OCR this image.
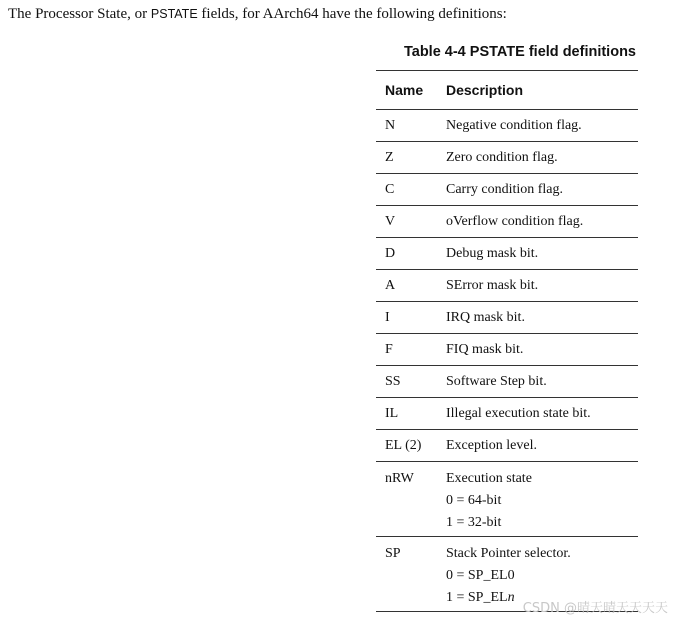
The Processor State, or PSTATE fields, for AArch64 have the following definitions:
Table 4-4 PSTATE field definitions
Name	Description
N	Negative condition flag.
Z	Zero condition flag.
C	Carry condition flag.
V	oVerflow condition flag.
D	Debug mask bit.
A	SError mask bit.
I	IRQ mask bit.
F	FIQ mask bit.
SS	Software Step bit.
IL	Illegal execution state bit.
EL (2)	Exception level.
nRW	Execution state
0 = 64-bit
1 = 32-bit

SP	Stack Pointer selector.
0 = SP_EL0
1 = SP_ELn
CSDN @晴天晴天天天天
